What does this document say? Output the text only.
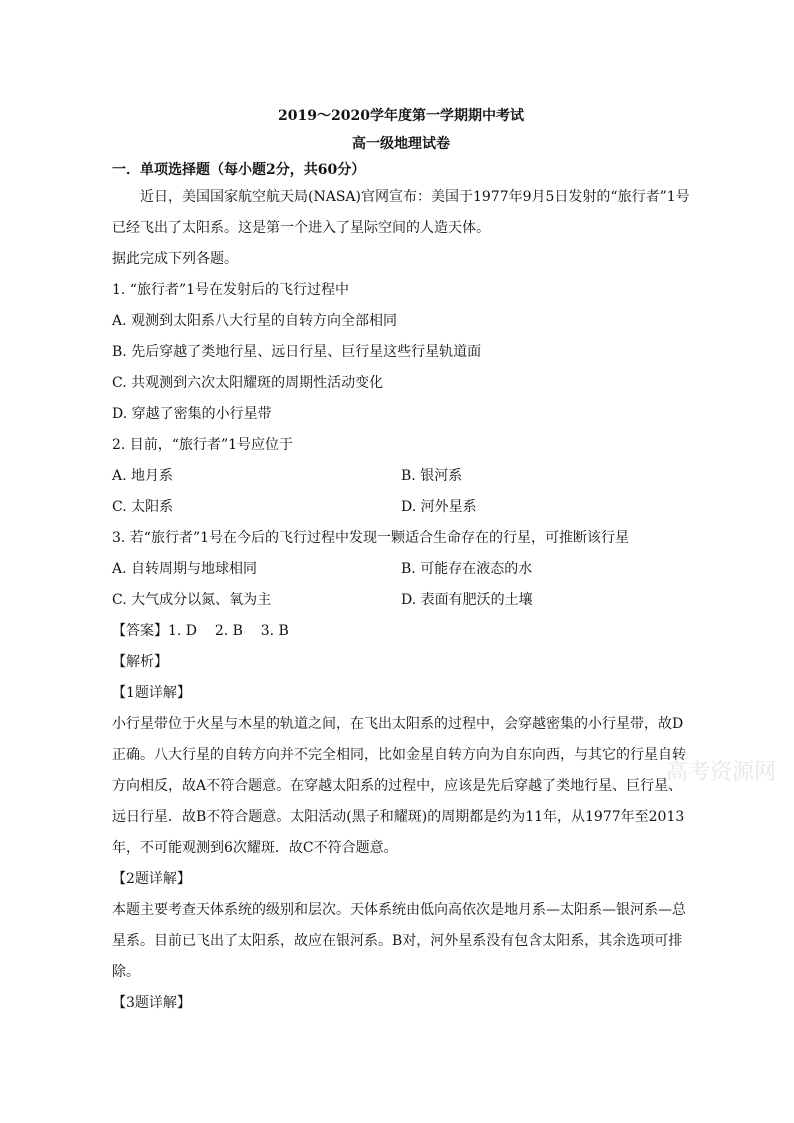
2019～2020学年度第一学期期中考试

高一级地理试卷

一．单项选择题（每小题2分，共60分）

近日，美国国家航空航天局(NASA)官网宣布：美国于1977年9月5日发射的“旅行者”1号已经飞出了太阳系。这是第一个进入了星际空间的人造天体。

据此完成下列各题。

1. “旅行者”1号在发射后的飞行过程中
A. 观测到太阳系八大行星的自转方向全部相同
B. 先后穿越了类地行星、远日行星、巨行星这些行星轨道面
C. 共观测到六次太阳耀斑的周期性活动变化
D. 穿越了密集的小行星带
2. 目前，“旅行者”1号应位于
A. 地月系	B. 银河系
C. 太阳系	D. 河外星系
3. 若“旅行者”1号在今后的飞行过程中发现一颗适合生命存在的行星，可推断该行星
A. 自转周期与地球相同	B. 可能存在液态的水
C. 大气成分以氮、氧为主	D. 表面有肥沃的土壤
【答案】1. D    2. B    3. B
【解析】
【1题详解】

小行星带位于火星与木星的轨道之间，在飞出太阳系的过程中，会穿越密集的小行星带，故D正确。八大行星的自转方向并不完全相同，比如金星自转方向为自东向西，与其它的行星自转方向相反，故A不符合题意。在穿越太阳系的过程中，应该是先后穿越了类地行星、巨行星、远日行星．故B不符合题意。太阳活动(黑子和耀斑)的周期都是约为11年，从1977年至2013年，不可能观测到6次耀斑．故C不符合题意。

【2题详解】

本题主要考查天体系统的级别和层次。天体系统由低向高依次是地月系—太阳系—银河系—总星系。目前已飞出了太阳系，故应在银河系。B对，河外星系没有包含太阳系，其余选项可排除。

【3题详解】
高考资源网
